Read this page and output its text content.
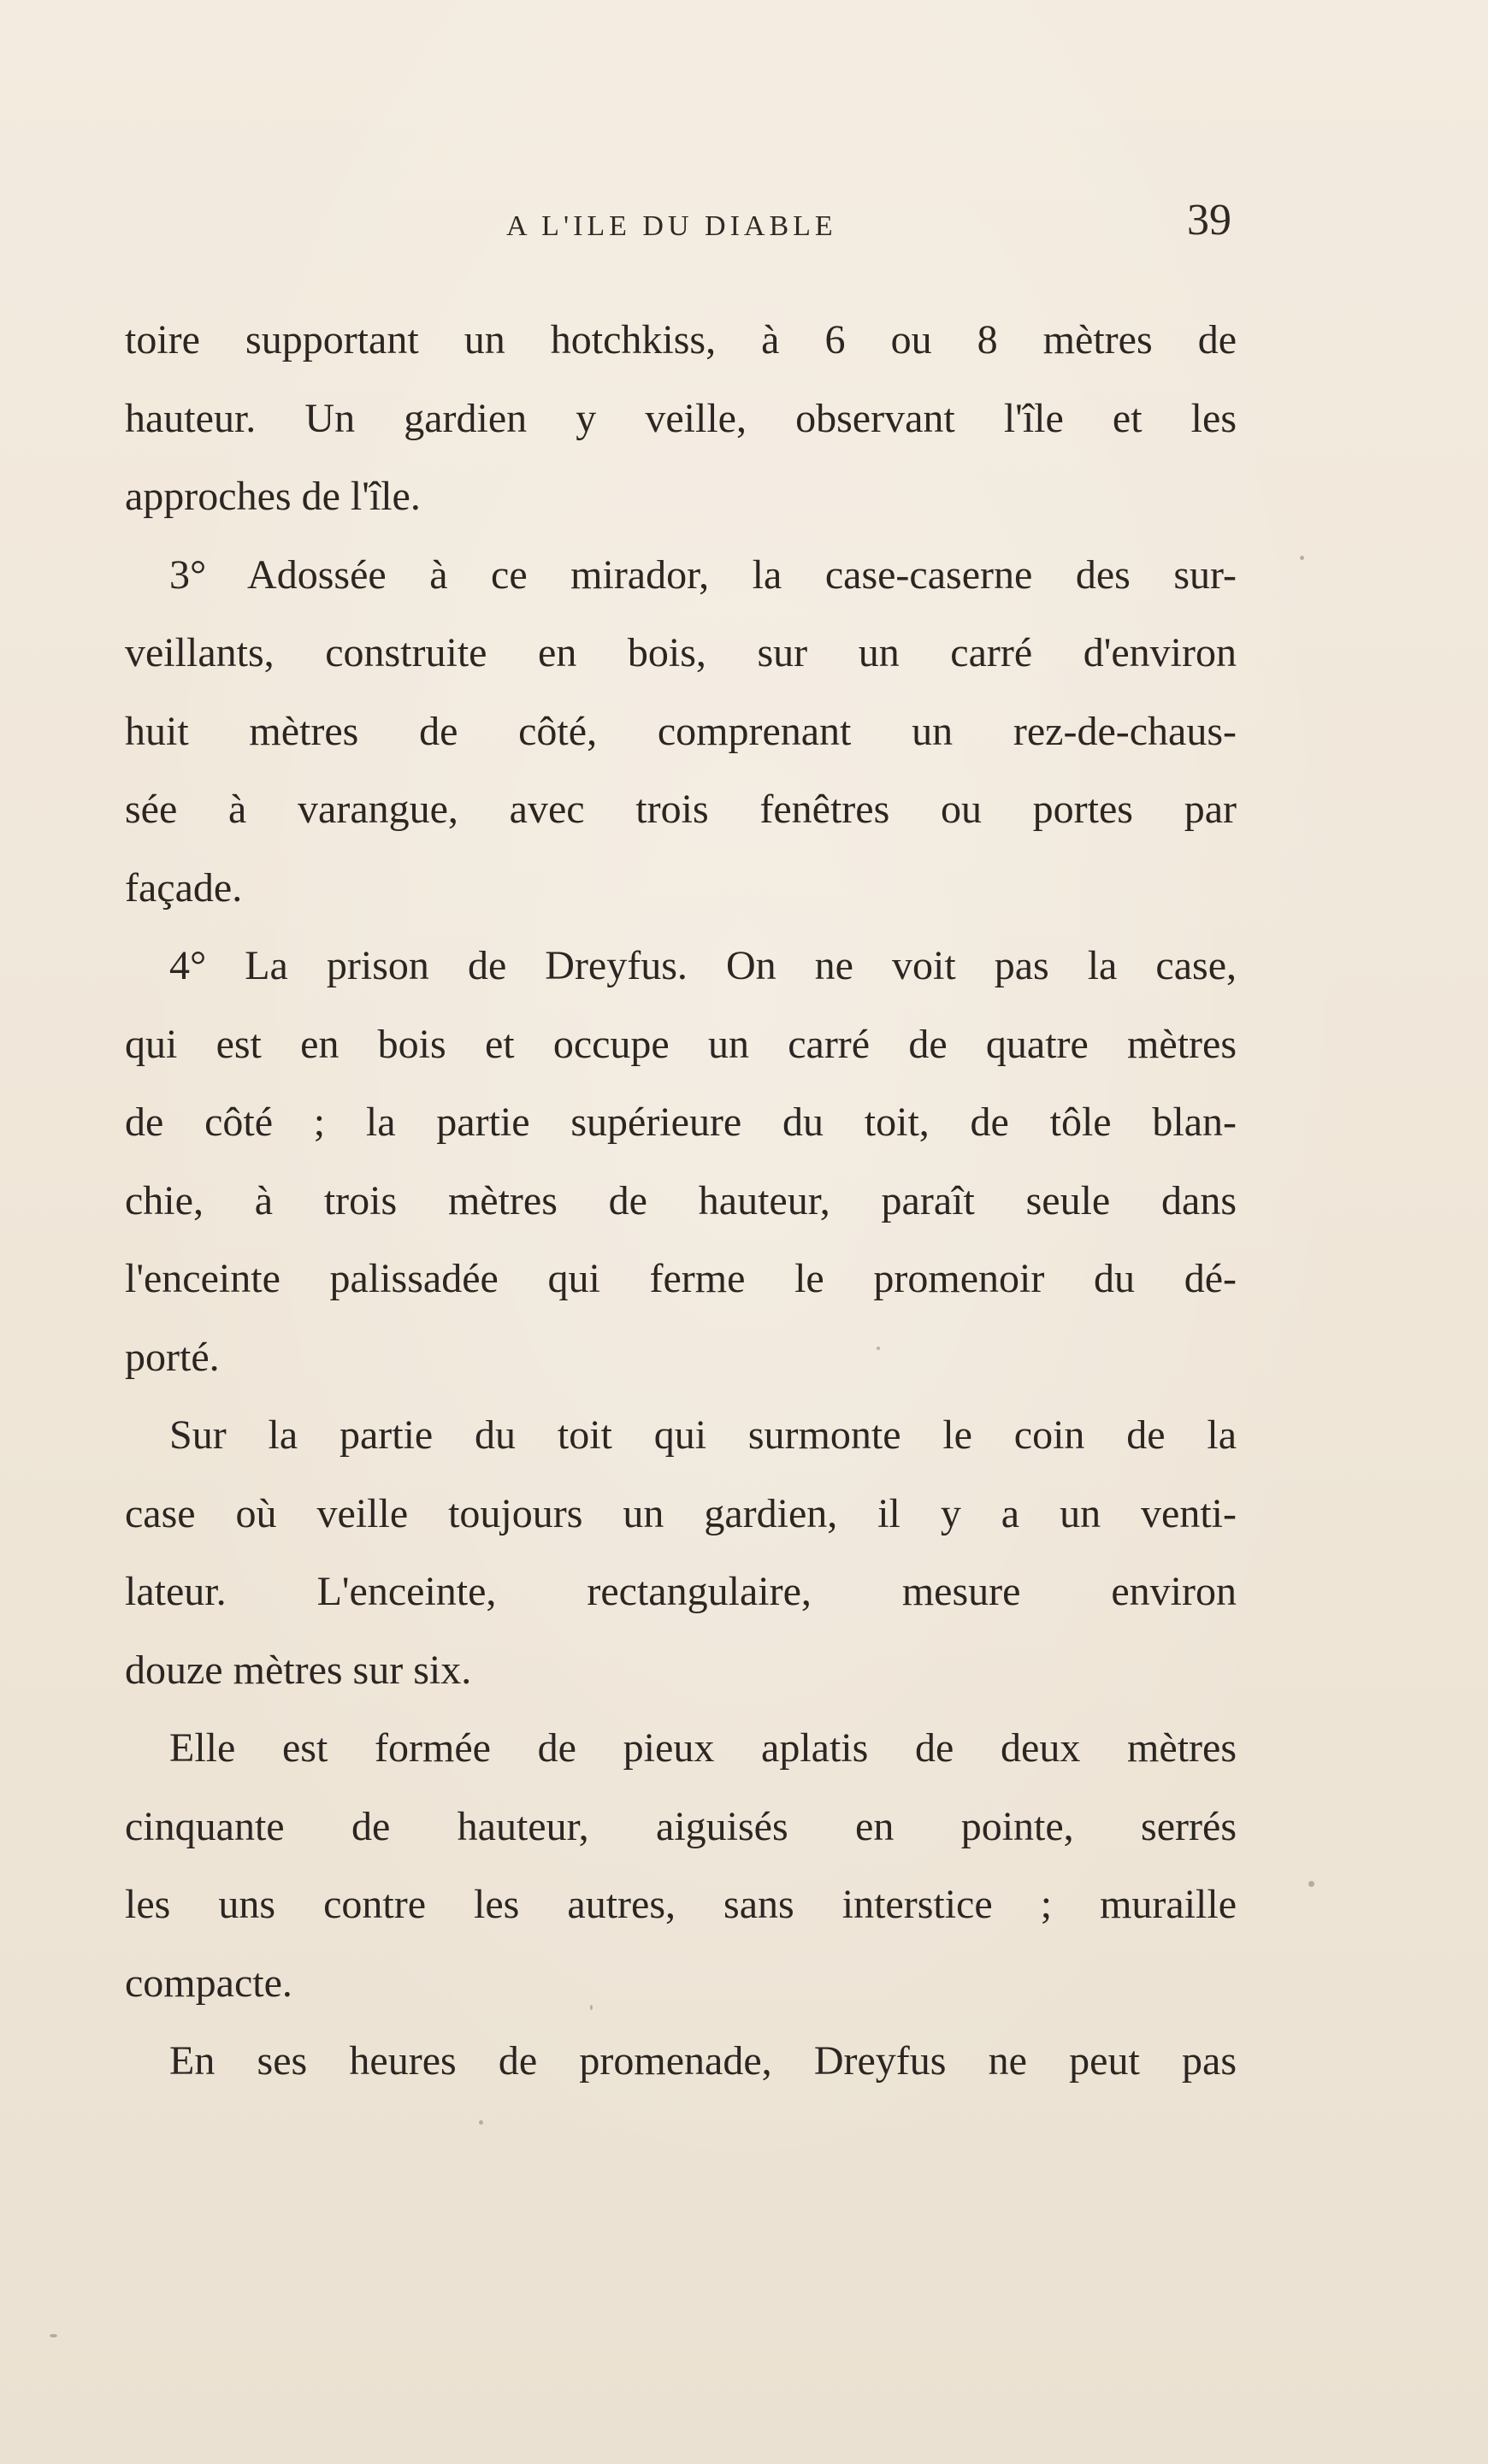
A L'ILE DU DIABLE	39
toire supportant un hotchkiss, à 6 ou 8 mètres de
hauteur. Un gardien y veille, observant l'île et les
approches de l'île.
3° Adossée à ce mirador, la case-caserne des sur-
veillants, construite en bois, sur un carré d'environ
huit mètres de côté, comprenant un rez-de-chaus-
sée à varangue, avec trois fenêtres ou portes par
façade.
4° La prison de Dreyfus. On ne voit pas la case,
qui est en bois et occupe un carré de quatre mètres
de côté ; la partie supérieure du toit, de tôle blan-
chie, à trois mètres de hauteur, paraît seule dans
l'enceinte palissadée qui ferme le promenoir du dé-
porté.
Sur la partie du toit qui surmonte le coin de la
case où veille toujours un gardien, il y a un venti-
lateur. L'enceinte, rectangulaire, mesure environ
douze mètres sur six.
Elle est formée de pieux aplatis de deux mètres
cinquante de hauteur, aiguisés en pointe, serrés
les uns contre les autres, sans interstice ; muraille
compacte.
En ses heures de promenade, Dreyfus ne peut pas
